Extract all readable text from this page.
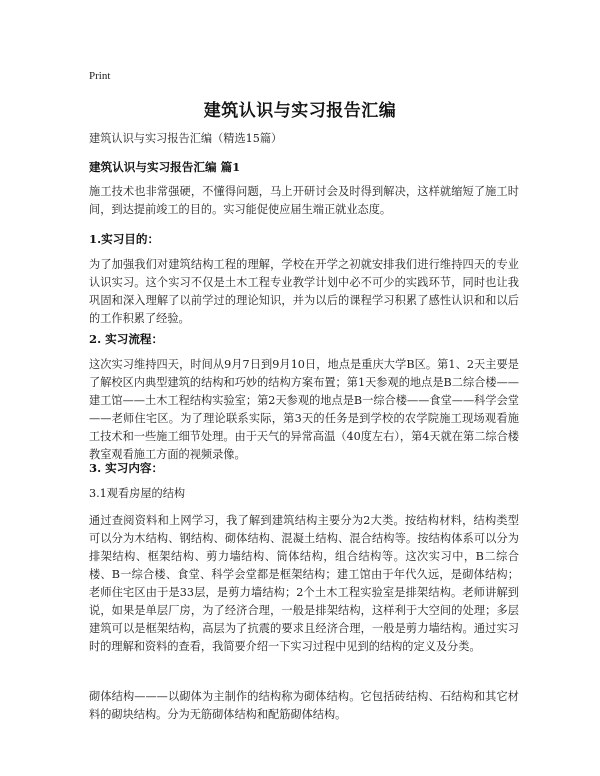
Print
建筑认识与实习报告汇编

建筑认识与实习报告汇编（精选15篇）

建筑认识与实习报告汇编 篇1

施工技术也非常强硬，不懂得问题，马上开研讨会及时得到解决，这样就缩短了施工时间，到达提前竣工的目的。实习能促使应届生端正就业态度。

1.实习目的：

为了加强我们对建筑结构工程的理解，学校在开学之初就安排我们进行维持四天的专业认识实习。这个实习不仅是土木工程专业教学计划中必不可少的实践环节，同时也让我巩固和深入理解了以前学过的理论知识，并为以后的课程学习积累了感性认识和和以后的工作积累了经验。

2. 实习流程：

这次实习维持四天，时间从9月7日到9月10日，地点是重庆大学B区。第1、2天主要是了解校区内典型建筑的结构和巧妙的结构方案布置；第1天参观的地点是B二综合楼——建工馆——土木工程结构实验室；第2天参观的地点是B一综合楼——食堂——科学会堂——老师住宅区。为了理论联系实际，第3天的任务是到学校的农学院施工现场观看施工技术和一些施工细节处理。由于天气的异常高温（40度左右），第4天就在第二综合楼教室观看施工方面的视频录像。

3. 实习内容：

3.1观看房屋的结构

通过查阅资料和上网学习，我了解到建筑结构主要分为2大类。按结构材料，结构类型可以分为木结构、钢结构、砌体结构、混凝土结构、混合结构等。按结构体系可以分为排架结构、框架结构、剪力墙结构、筒体结构，组合结构等。这次实习中，B二综合楼、B一综合楼、食堂、科学会堂都是框架结构；建工馆由于年代久远，是砌体结构；老师住宅区由于是33层，是剪力墙结构；2个土木工程实验室是排架结构。老师讲解到说，如果是单层厂房，为了经济合理，一般是排架结构，这样利于大空间的处理；多层建筑可以是框架结构，高层为了抗震的要求且经济合理，一般是剪力墙结构。通过实习时的理解和资料的查看，我简要介绍一下实习过程中见到的结构的定义及分类。

砌体结构———以砌体为主制作的结构称为砌体结构。它包括砖结构、石结构和其它材料的砌块结构。分为无筋砌体结构和配筋砌体结构。
